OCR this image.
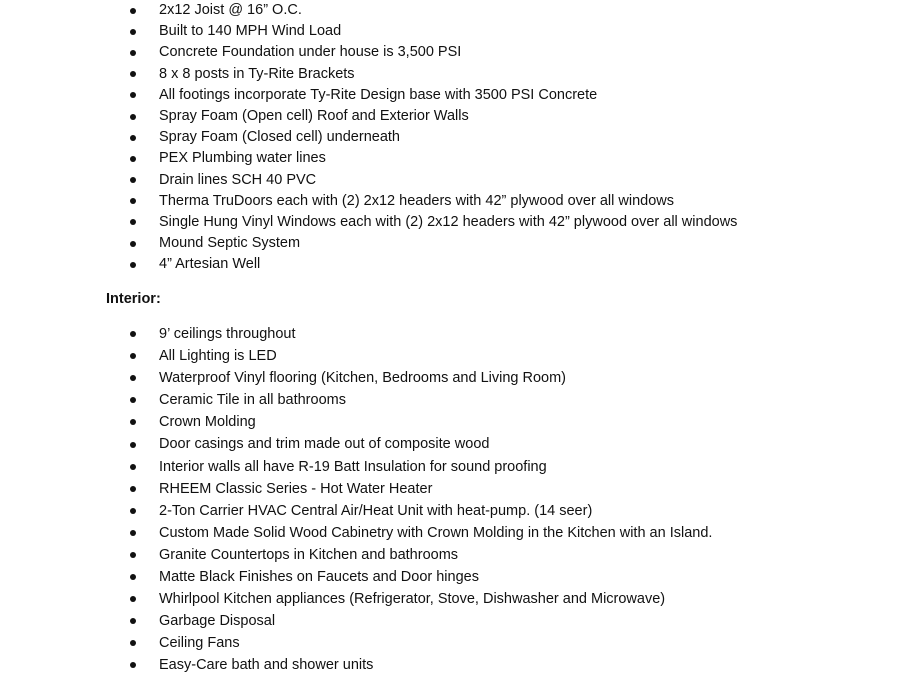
2x12 Joist @ 16” O.C.
Built to 140 MPH Wind Load
Concrete Foundation under house is 3,500 PSI
8 x 8 posts in Ty-Rite Brackets
All footings incorporate Ty-Rite Design base with 3500 PSI Concrete
Spray Foam (Open cell) Roof and Exterior Walls
Spray Foam (Closed cell) underneath
PEX Plumbing water lines
Drain lines SCH 40 PVC
Therma TruDoors each with (2) 2x12 headers with 42” plywood over all windows
Single Hung Vinyl Windows each with (2) 2x12 headers with 42” plywood over all windows
Mound Septic System
4” Artesian Well
Interior:
9’ ceilings throughout
All Lighting is LED
Waterproof Vinyl flooring (Kitchen, Bedrooms and Living Room)
Ceramic Tile in all bathrooms
Crown Molding
Door casings and trim made out of composite wood
Interior walls all have R-19 Batt Insulation for sound proofing
RHEEM Classic Series - Hot Water Heater
2-Ton Carrier HVAC Central Air/Heat Unit with heat-pump. (14 seer)
Custom Made Solid Wood Cabinetry with Crown Molding in the Kitchen with an Island.
Granite Countertops in Kitchen and bathrooms
Matte Black Finishes on Faucets and Door hinges
Whirlpool Kitchen appliances (Refrigerator, Stove, Dishwasher and Microwave)
Garbage Disposal
Ceiling Fans
Easy-Care bath and shower units
